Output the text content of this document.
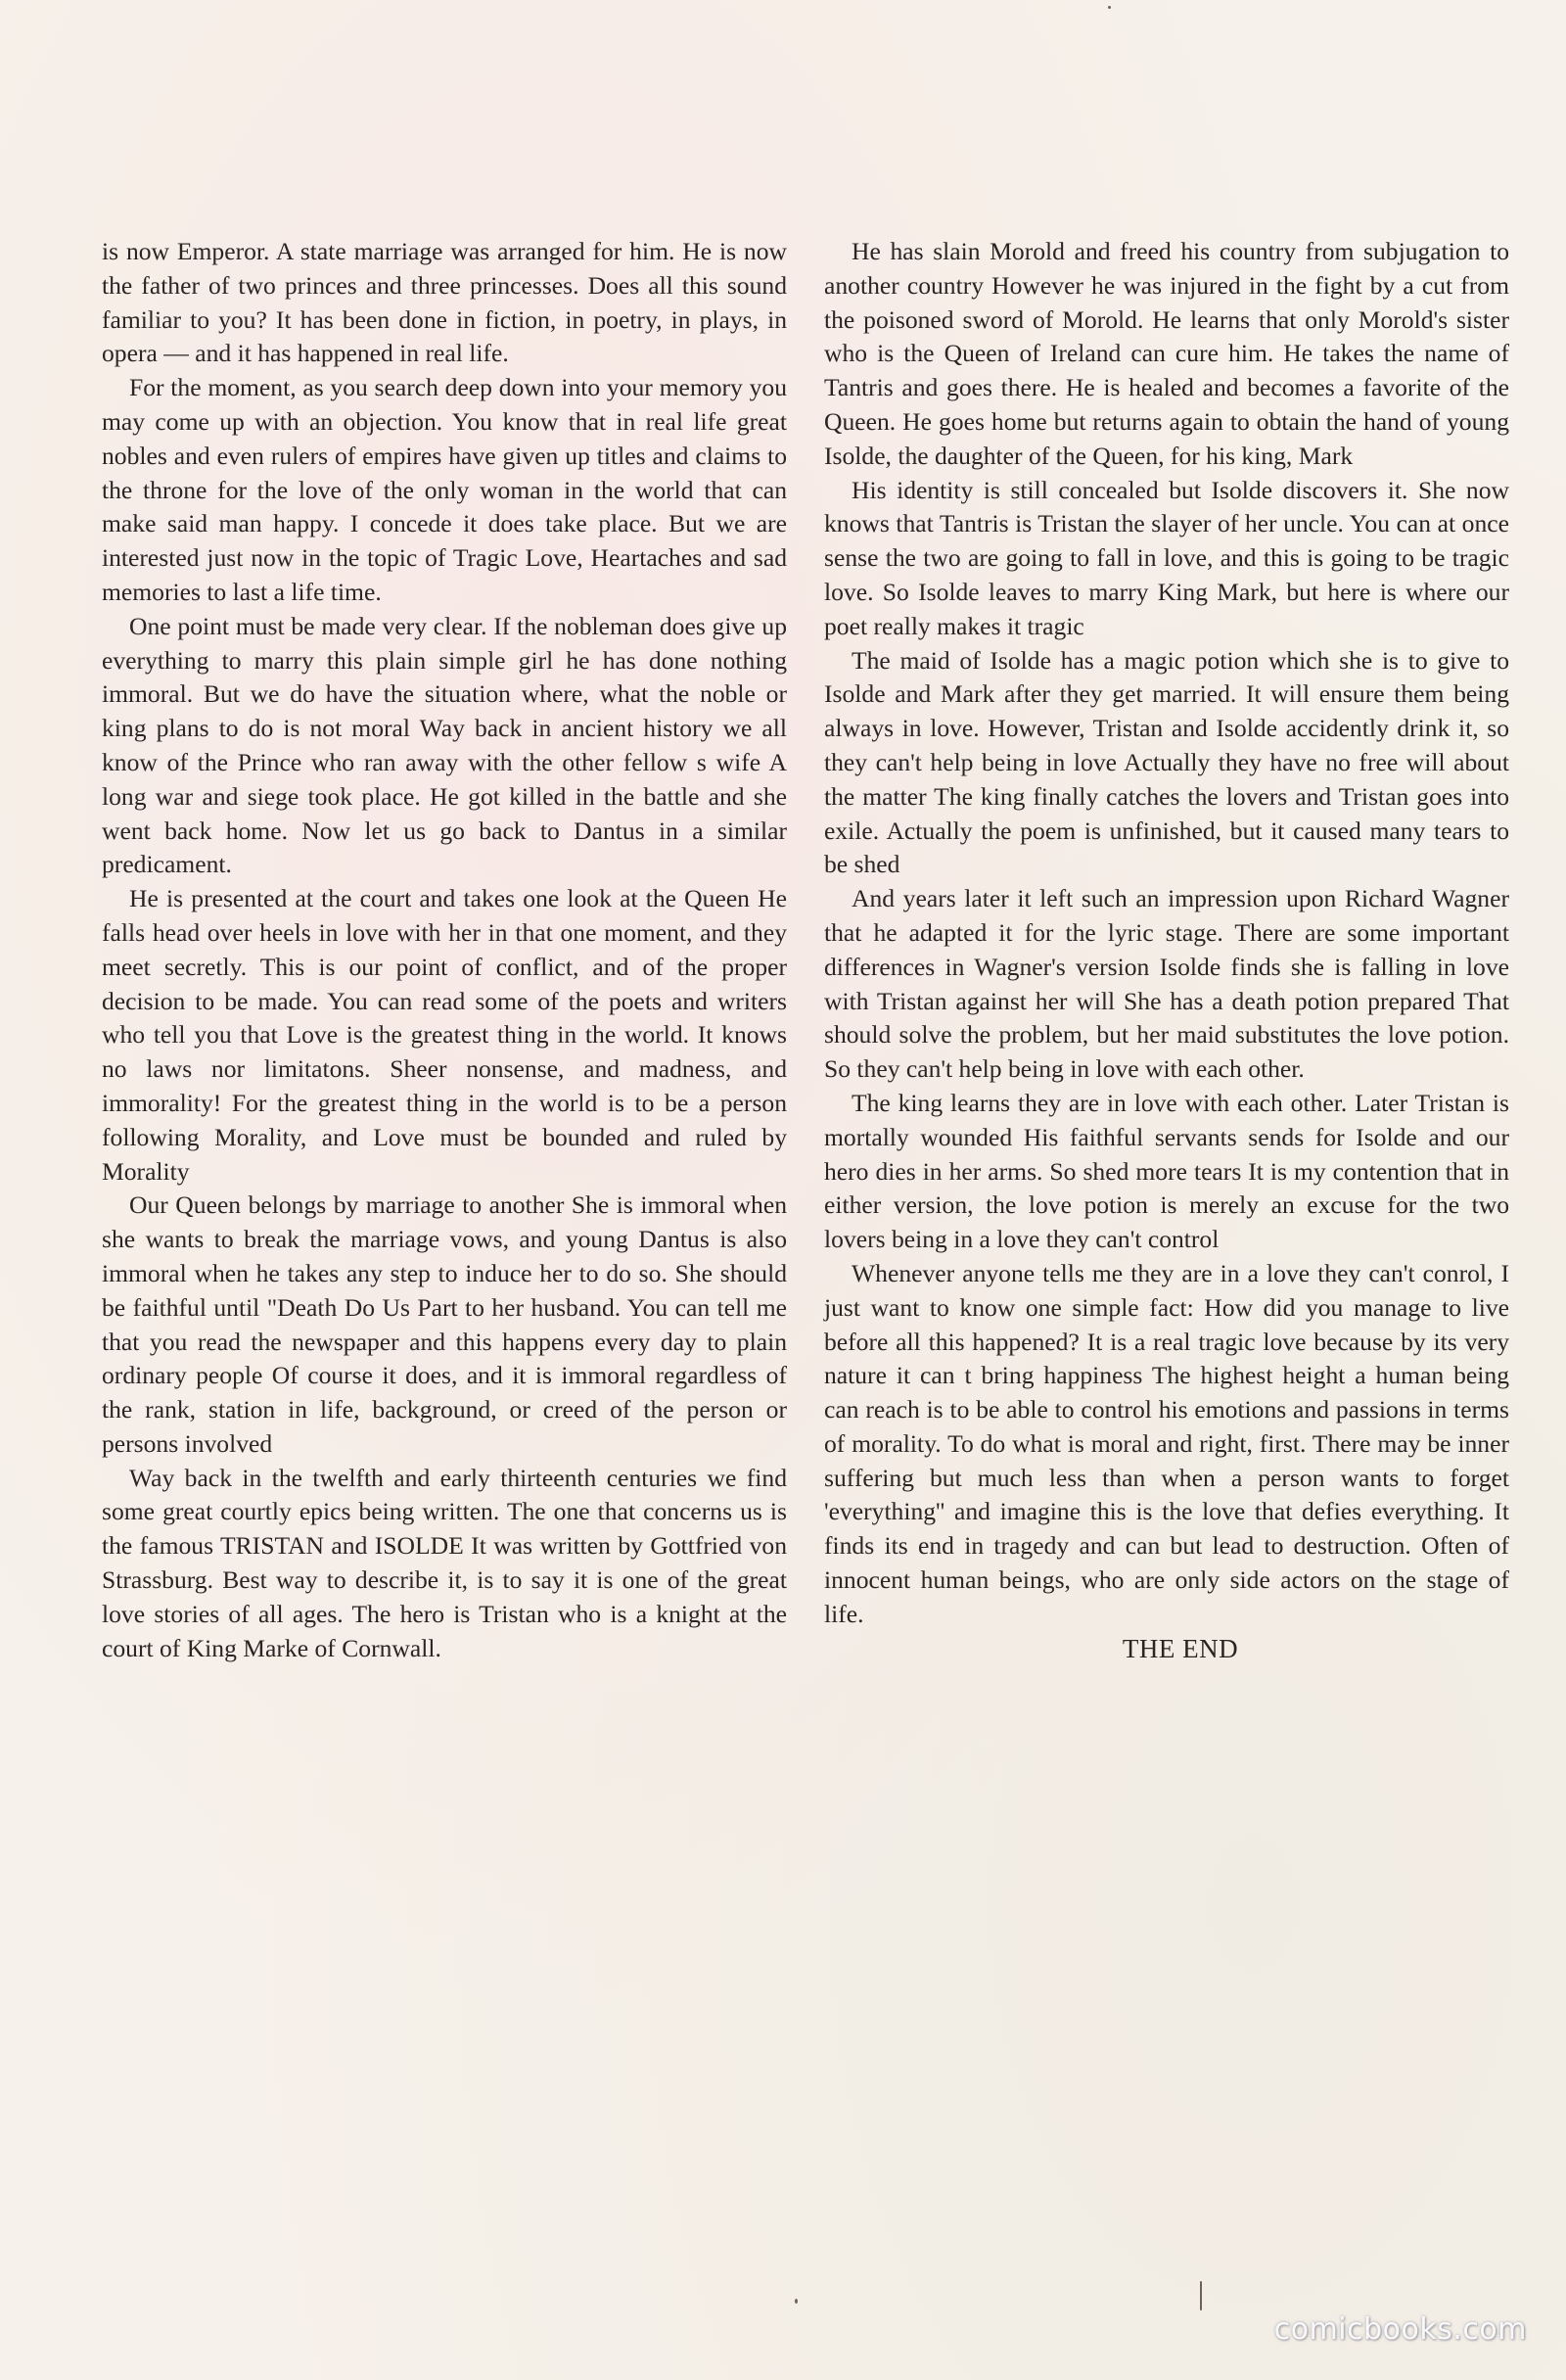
is now Emperor. A state marriage was arranged for him. He is now the father of two princes and three princesses. Does all this sound familiar to you? It has been done in fiction, in poetry, in plays, in opera — and it has happened in real life.

For the moment, as you search deep down into your memory you may come up with an objection. You know that in real life great nobles and even rulers of empires have given up titles and claims to the throne for the love of the only woman in the world that can make said man happy. I concede it does take place. But we are interested just now in the topic of Tragic Love, Heartaches and sad memories to last a life time.

One point must be made very clear. If the nobleman does give up everything to marry this plain simple girl he has done nothing immoral. But we do have the situation where, what the noble or king plans to do is not moral Way back in ancient history we all know of the Prince who ran away with the other fellow s wife A long war and siege took place. He got killed in the battle and she went back home. Now let us go back to Dantus in a similar predicament.

He is presented at the court and takes one look at the Queen He falls head over heels in love with her in that one moment, and they meet secretly. This is our point of conflict, and of the proper decision to be made. You can read some of the poets and writers who tell you that Love is the greatest thing in the world. It knows no laws nor limitatons. Sheer nonsense, and madness, and immorality! For the greatest thing in the world is to be a person following Morality, and Love must be bounded and ruled by Morality

Our Queen belongs by marriage to another She is immoral when she wants to break the marriage vows, and young Dantus is also immoral when he takes any step to induce her to do so. She should be faithful until "Death Do Us Part to her husband. You can tell me that you read the newspaper and this happens every day to plain ordinary people Of course it does, and it is immoral regardless of the rank, station in life, background, or creed of the person or persons involved

Way back in the twelfth and early thirteenth centuries we find some great courtly epics being written. The one that concerns us is the famous TRISTAN and ISOLDE It was written by Gottfried von Strassburg. Best way to describe it, is to say it is one of the great love stories of all ages. The hero is Tristan who is a knight at the court of King Marke of Cornwall.

He has slain Morold and freed his country from subjugation to another country However he was injured in the fight by a cut from the poisoned sword of Morold. He learns that only Morold's sister who is the Queen of Ireland can cure him. He takes the name of Tantris and goes there. He is healed and becomes a favorite of the Queen. He goes home but returns again to obtain the hand of young Isolde, the daughter of the Queen, for his king, Mark

His identity is still concealed but Isolde discovers it. She now knows that Tantris is Tristan the slayer of her uncle. You can at once sense the two are going to fall in love, and this is going to be tragic love. So Isolde leaves to marry King Mark, but here is where our poet really makes it tragic

The maid of Isolde has a magic potion which she is to give to Isolde and Mark after they get married. It will ensure them being always in love. However, Tristan and Isolde accidently drink it, so they can't help being in love Actually they have no free will about the matter The king finally catches the lovers and Tristan goes into exile. Actually the poem is unfinished, but it caused many tears to be shed

And years later it left such an impression upon Richard Wagner that he adapted it for the lyric stage. There are some important differences in Wagner's version Isolde finds she is falling in love with Tristan against her will She has a death potion prepared That should solve the problem, but her maid substitutes the love potion. So they can't help being in love with each other.

The king learns they are in love with each other. Later Tristan is mortally wounded His faithful servants sends for Isolde and our hero dies in her arms. So shed more tears It is my contention that in either version, the love potion is merely an excuse for the two lovers being in a love they can't control

Whenever anyone tells me they are in a love they can't conrol, I just want to know one simple fact: How did you manage to live before all this happened? It is a real tragic love because by its very nature it can t bring happiness The highest height a human being can reach is to be able to control his emotions and passions in terms of morality. To do what is moral and right, first. There may be inner suffering but much less than when a person wants to forget 'everything'' and imagine this is the love that defies everything. It finds its end in tragedy and can but lead to destruction. Often of innocent human beings, who are only side actors on the stage of life.

THE END

comicbooks.com
